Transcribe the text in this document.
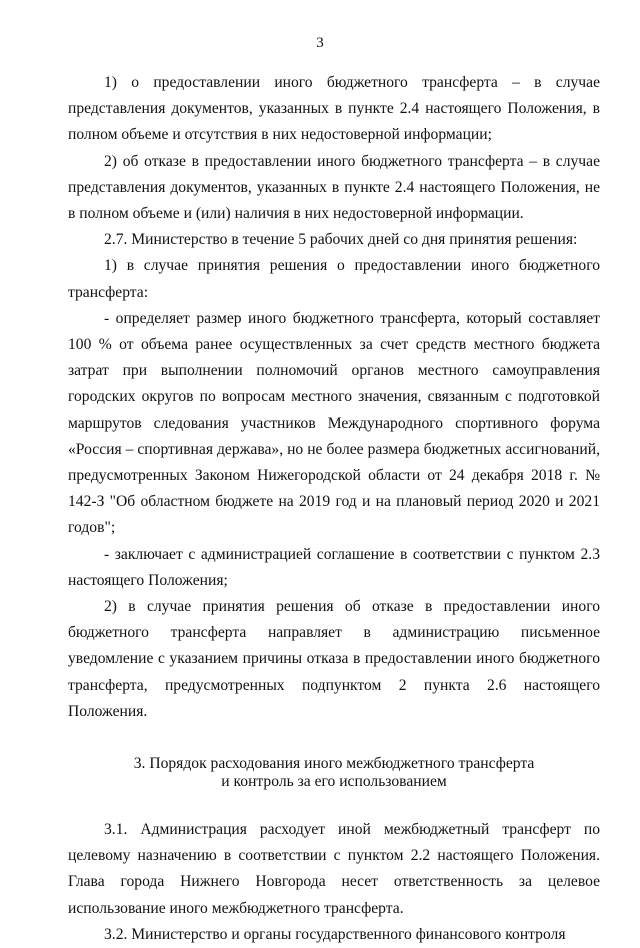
3

1) о предоставлении иного бюджетного трансферта – в случае представления документов, указанных в пункте 2.4 настоящего Положения, в полном объеме и отсутствия в них недостоверной информации;

2) об отказе в предоставлении иного бюджетного трансферта – в случае представления документов, указанных в пункте 2.4 настоящего Положения, не в полном объеме и (или) наличия в них недостоверной информации.

2.7. Министерство в течение 5 рабочих дней со дня принятия решения:

1) в случае принятия решения о предоставлении иного бюджетного трансферта:

- определяет размер иного бюджетного трансферта, который составляет 100 % от объема ранее осуществленных за счет средств местного бюджета затрат при выполнении полномочий органов местного самоуправления городских округов по вопросам местного значения, связанным с подготовкой маршрутов следования участников Международного спортивного форума «Россия – спортивная держава», но не более размера бюджетных ассигнований, предусмотренных Законом Нижегородской области от 24 декабря 2018 г. № 142-З "Об областном бюджете на 2019 год и на плановый период 2020 и 2021 годов";

- заключает с администрацией соглашение в соответствии с пунктом 2.3 настоящего Положения;

2) в случае принятия решения об отказе в предоставлении иного бюджетного трансферта направляет в администрацию письменное уведомление с указанием причины отказа в предоставлении иного бюджетного трансферта, предусмотренных подпунктом 2 пункта 2.6 настоящего Положения.

3. Порядок расходования иного межбюджетного трансферта
и контроль за его использованием

3.1. Администрация расходует иной межбюджетный трансферт по целевому назначению в соответствии с пунктом 2.2 настоящего Положения. Глава города Нижнего Новгорода несет ответственность за целевое использование иного межбюджетного трансферта.

3.2. Министерство и органы государственного финансового контроля
